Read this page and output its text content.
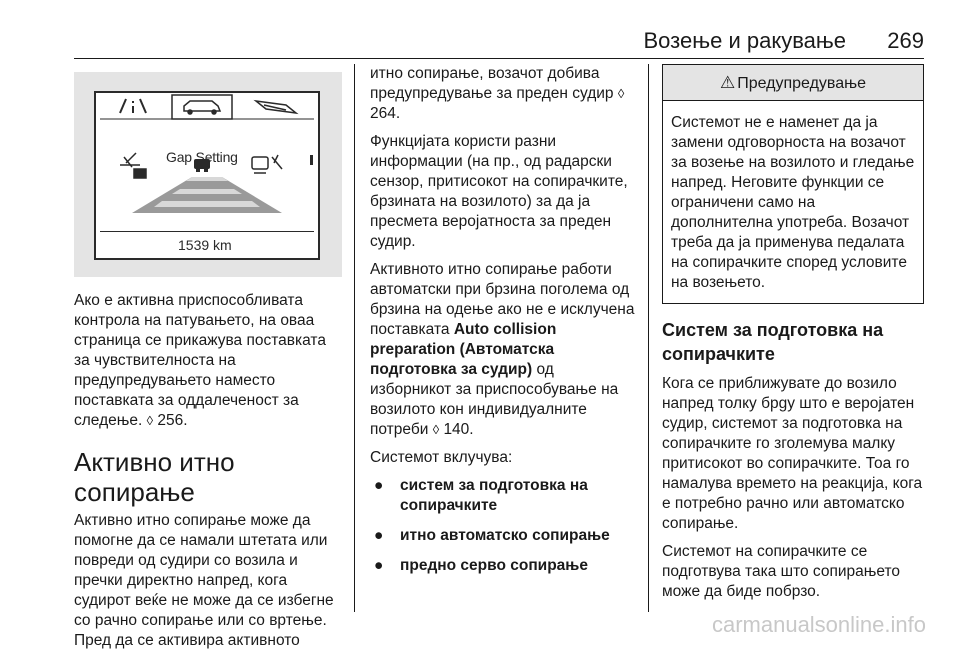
Возење и ракување 269
Gap Setting
1539 km

Ако е активна приспособливата контрола на патувањето, на оваа страница се прикажува поставката за чувствителноста на предупредувањето наместо поставката за оддалеченост за следење. ◊ 256.

Активно итно сопирање

Активно итно сопирање може да помогне да се намали штетата или повреди од судири со возила и пречки директно напред, кога судирот веќе не може да се избегне со рачно сопирање или со вртење. Пред да се активира активното

итно сопирање, возачот добива предупредување за преден судир ◊ 264.

Функцијата користи разни информации (на пр., од радарски сензор, притисокот на сопирачките, брзината на возилото) за да ја пресмета веројатноста за преден судир.

Активното итно сопирање работи автоматски при брзина поголема од брзина на одење ако не е исклучена поставката Auto collision preparation (Автоматска подготовка за судир) од изборникот за приспособување на возилото кон индивидуалните потреби ◊ 140.

Системот вклучува:

● систем за подготовка на сопирачките
● итно автоматско сопирање
● предно серво сопирање
⚠ Предупредување

Системот не е наменет да ја замени одговорноста на возачот за возење на возилото и гледање напред. Неговите функции се ограничени само на дополнителна употреба. Возачот треба да ја применува педалата на сопирачките според условите на возењето.

Систем за подготовка на сопирачките

Кога се приближувате до возило напред толку брgу што е веројатен судир, системот за подготовка на сопирачките го зголемува малку притисокот во сопирачките. Тоа го намалува времето на реакција, кога е потребно рачно или автоматско сопирање.

Системот на сопирачките се подготвува така што сопирањето може да биде побрзо.

carmanualsonline.info
